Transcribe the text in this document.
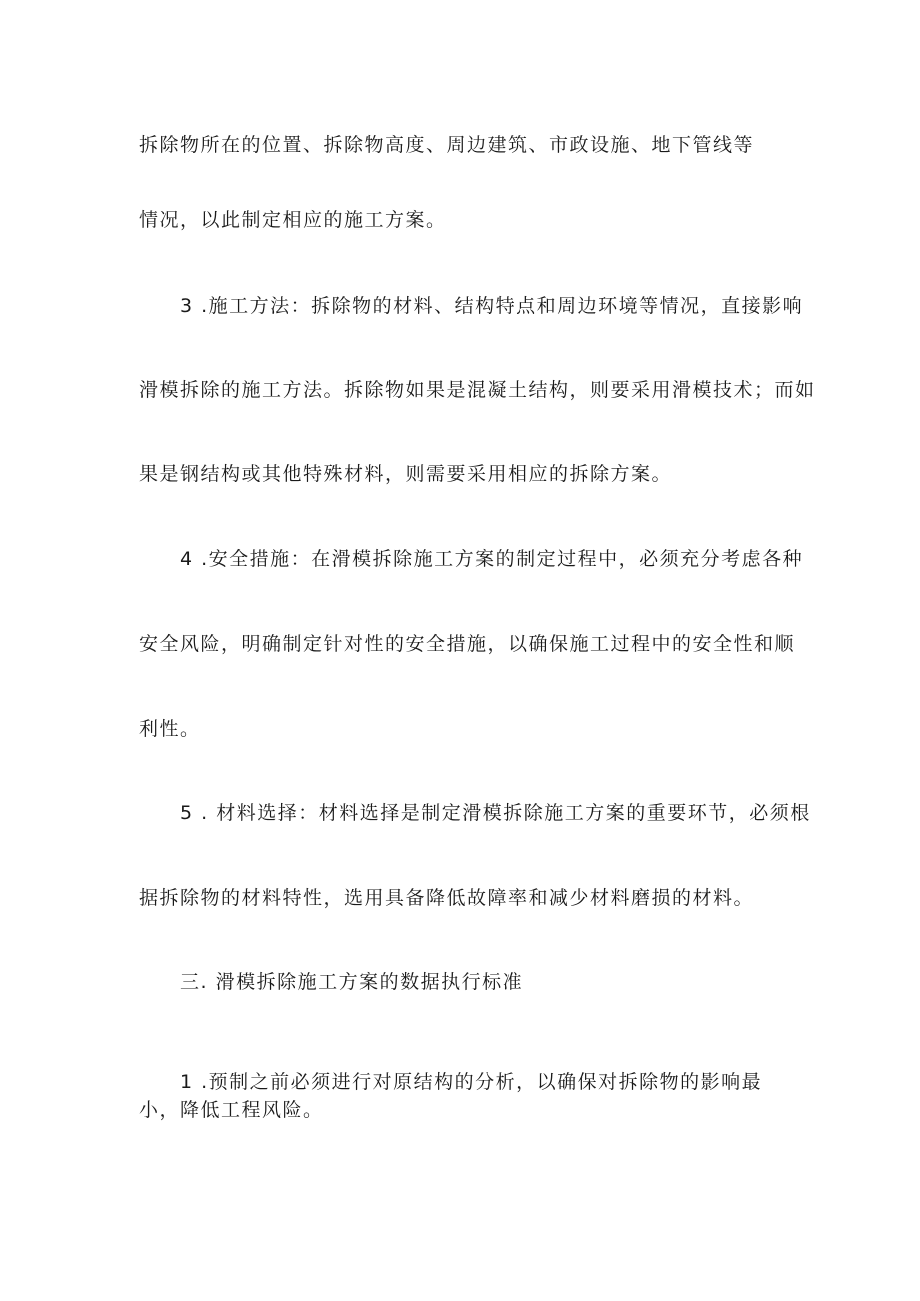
拆除物所在的位置、拆除物高度、周边建筑、市政设施、地下管线等
情况，以此制定相应的施工方案。
3 .施工方法：拆除物的材料、结构特点和周边环境等情况，直接影响
滑模拆除的施工方法。拆除物如果是混凝土结构，则要采用滑模技术；而如
果是钢结构或其他特殊材料，则需要采用相应的拆除方案。
4 .安全措施：在滑模拆除施工方案的制定过程中，必须充分考虑各种
安全风险，明确制定针对性的安全措施，以确保施工过程中的安全性和顺
利性。
5 . 材料选择：材料选择是制定滑模拆除施工方案的重要环节，必须根
据拆除物的材料特性，选用具备降低故障率和减少材料磨损的材料。
三. 滑模拆除施工方案的数据执行标准
1 .预制之前必须进行对原结构的分析，以确保对拆除物的影响最
小，降低工程风险。
